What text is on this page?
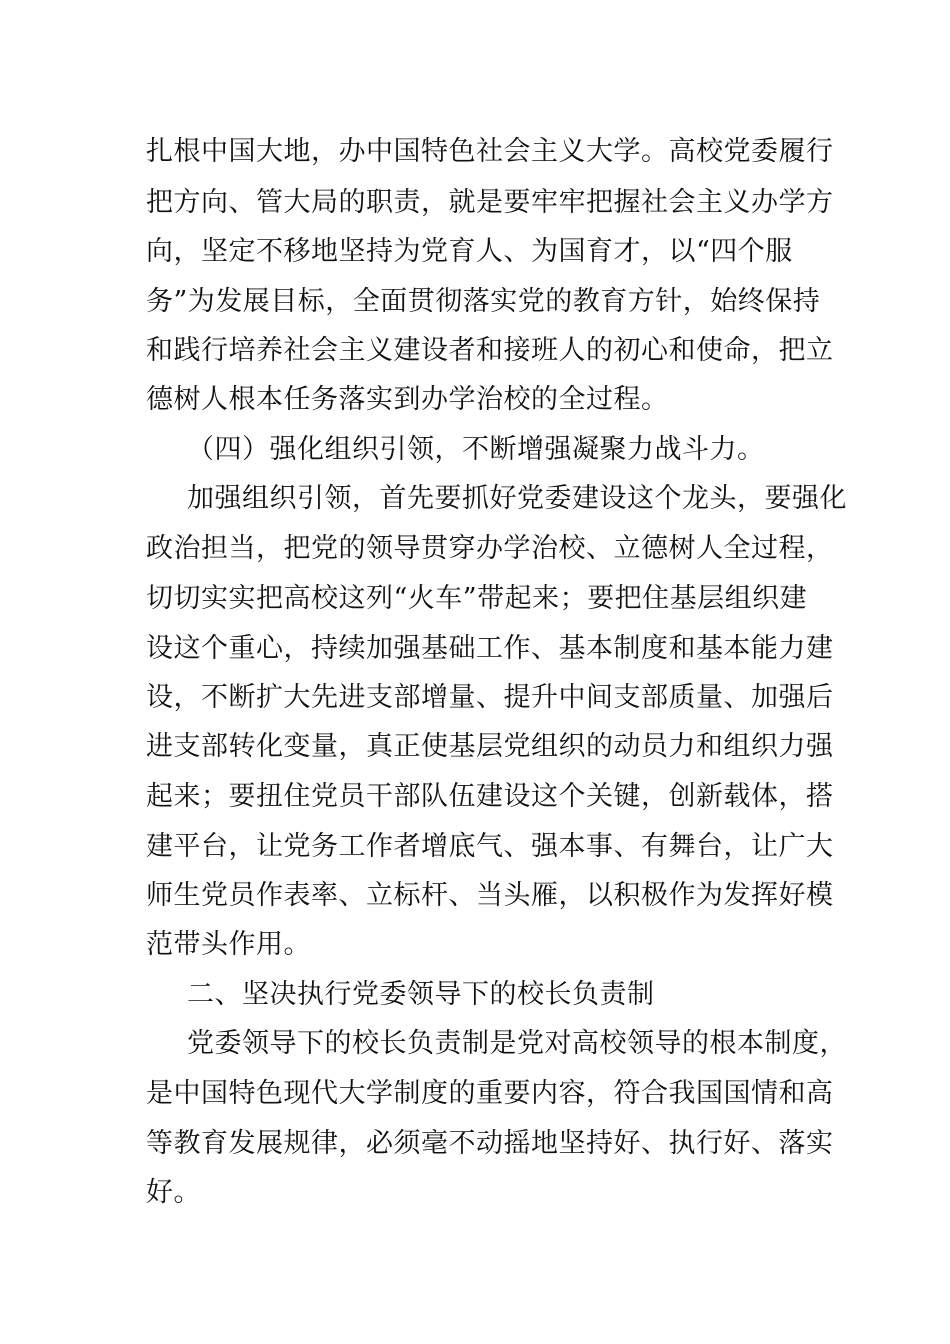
扎根中国大地，办中国特色社会主义大学。高校党委履行
把方向、管大局的职责，就是要牢牢把握社会主义办学方
向，坚定不移地坚持为党育人、为国育才，以“四个服
务”为发展目标，全面贯彻落实党的教育方针，始终保持
和践行培养社会主义建设者和接班人的初心和使命，把立
德树人根本任务落实到办学治校的全过程。
（四）强化组织引领，不断增强凝聚力战斗力。
加强组织引领，首先要抓好党委建设这个龙头，要强化
政治担当，把党的领导贯穿办学治校、立德树人全过程，
切切实实把高校这列“火车”带起来；要把住基层组织建
设这个重心，持续加强基础工作、基本制度和基本能力建
设，不断扩大先进支部增量、提升中间支部质量、加强后
进支部转化变量，真正使基层党组织的动员力和组织力强
起来；要扭住党员干部队伍建设这个关键，创新载体，搭
建平台，让党务工作者增底气、强本事、有舞台，让广大
师生党员作表率、立标杆、当头雁，以积极作为发挥好模
范带头作用。
二、坚决执行党委领导下的校长负责制
党委领导下的校长负责制是党对高校领导的根本制度，
是中国特色现代大学制度的重要内容，符合我国国情和高
等教育发展规律，必须毫不动摇地坚持好、执行好、落实
好。
